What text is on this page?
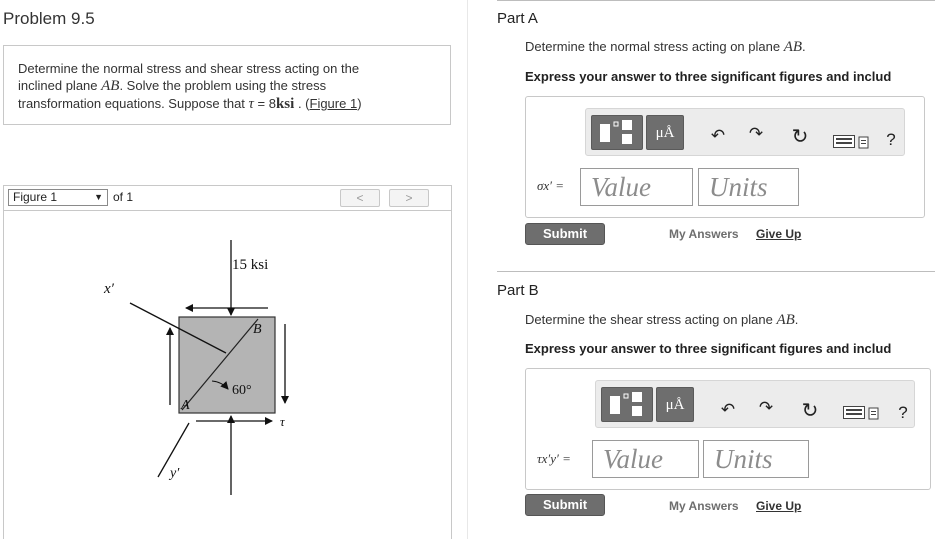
Problem 9.5
Determine the normal stress and shear stress acting on the
inclined plane AB. Solve the problem using the stress
transformation equations. Suppose that τ = 8ksi . (Figure 1)
Figure 1	▼ of 1	<	>
15 ksi
x′
y′
A
B
60°
τ
Part A
Determine the normal stress acting on plane AB.
Express your answer to three significant figures and includ
μÅ	↶ ↷ ↻	?
σx′ = Value	Units
Submit	My Answers Give Up
Part B
Determine the shear stress acting on plane AB.
Express your answer to three significant figures and includ
μÅ	↶ ↷ ↻	?
τx′y′ =	Value	Units
Submit	My Answers Give Up
